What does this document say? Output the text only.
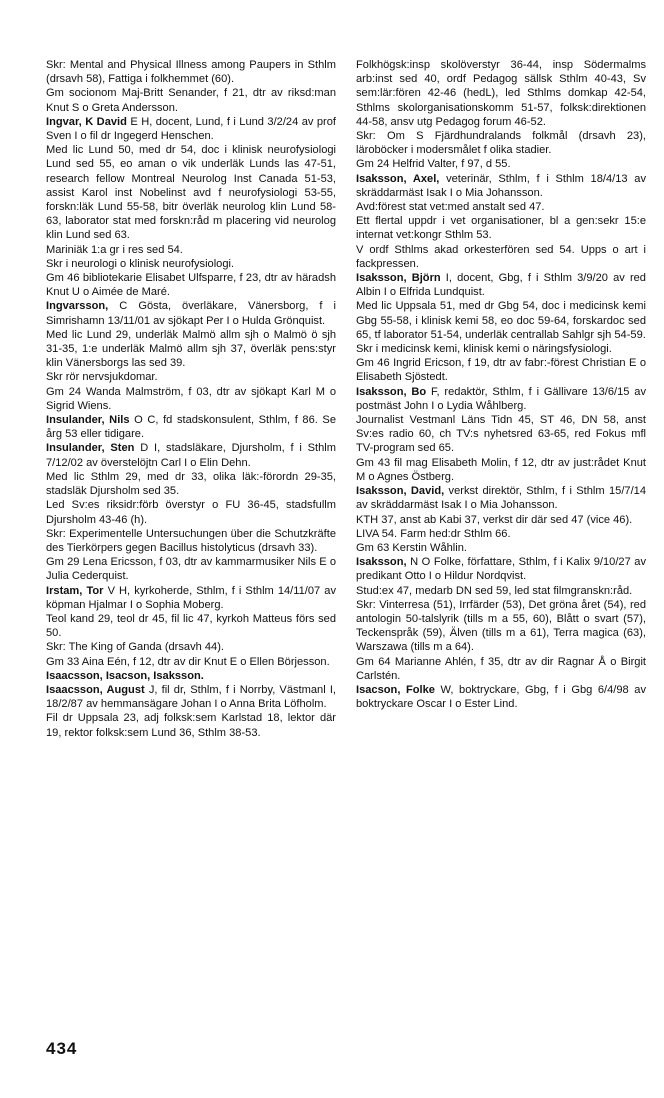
Skr: Mental and Physical Illness among Paupers in Sthlm (drsavh 58), Fattiga i folkhemmet (60).

Gm socionom Maj-Britt Senander, f 21, dtr av riksd:man Knut S o Greta Andersson.

Ingvar, K David E H, docent, Lund, f i Lund 3/2/24 av prof Sven I o fil dr Ingegerd Henschen.

Med lic Lund 50, med dr 54, doc i klinisk neurofysiologi Lund sed 55, eo aman o vik underläk Lunds las 47-51, research fellow Montreal Neurolog Inst Canada 51-53, assist Karol inst Nobelinst avd f neurofysiologi 53-55, forskn:läk Lund 55-58, bitr överläk neurolog klin Lund 58-63, laborator stat med forskn:råd m placering vid neurolog klin Lund sed 63.

Mariniäk 1:a gr i res sed 54.

Skr i neurologi o klinisk neurofysiologi.

Gm 46 bibliotekarie Elisabet Ulfsparre, f 23, dtr av häradsh Knut U o Aimée de Maré.

Ingvarsson, C Gösta, överläkare, Vänersborg, f i Simrishamn 13/11/01 av sjökapt Per I o Hulda Grönquist.

Med lic Lund 29, underläk Malmö allm sjh o Malmö ö sjh 31-35, 1:e underläk Malmö allm sjh 37, överläk pens:styr klin Vänersborgs las sed 39.

Skr rör nervsjukdomar.

Gm 24 Wanda Malmström, f 03, dtr av sjökapt Karl M o Sigrid Wiens.

Insulander, Nils O C, fd stadskonsulent, Sthlm, f 86. Se årg 53 eller tidigare.

Insulander, Sten D I, stadsläkare, Djursholm, f i Sthlm 7/12/02 av överstelöjtn Carl I o Elin Dehn.

Med lic Sthlm 29, med dr 33, olika läk:-förordn 29-35, stadsläk Djursholm sed 35.

Led Sv:es riksidr:förb överstyr o FU 36-45, stadsfullm Djursholm 43-46 (h).

Skr: Experimentelle Untersuchungen über die Schutzkräfte des Tierkörpers gegen Bacillus histolyticus (drsavh 33).

Gm 29 Lena Ericsson, f 03, dtr av kammarmusiker Nils E o Julia Cederquist.

Irstam, Tor V H, kyrkoherde, Sthlm, f i Sthlm 14/11/07 av köpman Hjalmar I o Sophia Moberg.

Teol kand 29, teol dr 45, fil lic 47, kyrkoh Matteus förs sed 50.

Skr: The King of Ganda (drsavh 44).

Gm 33 Aina Eén, f 12, dtr av dir Knut E o Ellen Börjesson.

Isaacsson, Isacson, Isaksson.

Isaacsson, August J, fil dr, Sthlm, f i Norrby, Västmanl I, 18/2/87 av hemmansägare Johan I o Anna Brita Löfholm.

Fil dr Uppsala 23, adj folksk:sem Karlstad 18, lektor där 19, rektor folksk:sem Lund 36, Sthlm 38-53.

Folkhögsk:insp skolöverstyr 36-44, insp Södermalms arb:inst sed 40, ordf Pedagog sällsk Sthlm 40-43, Sv sem:lär:fören 42-46 (hedL), led Sthlms domkap 42-54, Sthlms skolorganisationskomm 51-57, folksk:direktionen 44-58, ansv utg Pedagog forum 46-52.

Skr: Om S Fjärdhundralands folkmål (drsavh 23), läroböcker i modersmålet f olika stadier.

Gm 24 Helfrid Valter, f 97, d 55.

Isaksson, Axel, veterinär, Sthlm, f i Sthlm 18/4/13 av skräddarmäst Isak I o Mia Johansson.

Avd:förest stat vet:med anstalt sed 47.

Ett flertal uppdr i vet organisationer, bl a gen:sekr 15:e internat vet:kongr Sthlm 53.

V ordf Sthlms akad orkesterfören sed 54. Upps o art i fackpressen.

Isaksson, Björn I, docent, Gbg, f i Sthlm 3/9/20 av red Albin I o Elfrida Lundquist.

Med lic Uppsala 51, med dr Gbg 54, doc i medicinsk kemi Gbg 55-58, i klinisk kemi 58, eo doc 59-64, forskardoc sed 65, tf laborator 51-54, underläk centrallab Sahlgr sjh 54-59.

Skr i medicinsk kemi, klinisk kemi o näringsfysiologi.

Gm 46 Ingrid Ericson, f 19, dtr av fabr:-förest Christian E o Elisabeth Sjöstedt.

Isaksson, Bo F, redaktör, Sthlm, f i Gällivare 13/6/15 av postmäst John I o Lydia Wåhlberg.

Journalist Vestmanl Läns Tidn 45, ST 46, DN 58, anst Sv:es radio 60, ch TV:s nyhetsred 63-65, red Fokus mfl TV-program sed 65.

Gm 43 fil mag Elisabeth Molin, f 12, dtr av just:rådet Knut M o Agnes Östberg.

Isaksson, David, verkst direktör, Sthlm, f i Sthlm 15/7/14 av skräddarmäst Isak I o Mia Johansson.

KTH 37, anst ab Kabi 37, verkst dir där sed 47 (vice 46).

LIVA 54. Farm hed:dr Sthlm 66.

Gm 63 Kerstin Wåhlin.

Isaksson, N O Folke, författare, Sthlm, f i Kalix 9/10/27 av predikant Otto I o Hildur Nordqvist.

Stud:ex 47, medarb DN sed 59, led stat filmgranskn:råd.

Skr: Vinterresa (51), Irrfärder (53), Det gröna året (54), red antologin 50-talslyrik (tills m a 55, 60), Blått o svart (57), Teckenspråk (59), Älven (tills m a 61), Terra magica (63), Warszawa (tills m a 64).

Gm 64 Marianne Ahlén, f 35, dtr av dir Ragnar Å o Birgit Carlstén.

Isacson, Folke W, boktryckare, Gbg, f i Gbg 6/4/98 av boktryckare Oscar I o Ester Lind.

434
